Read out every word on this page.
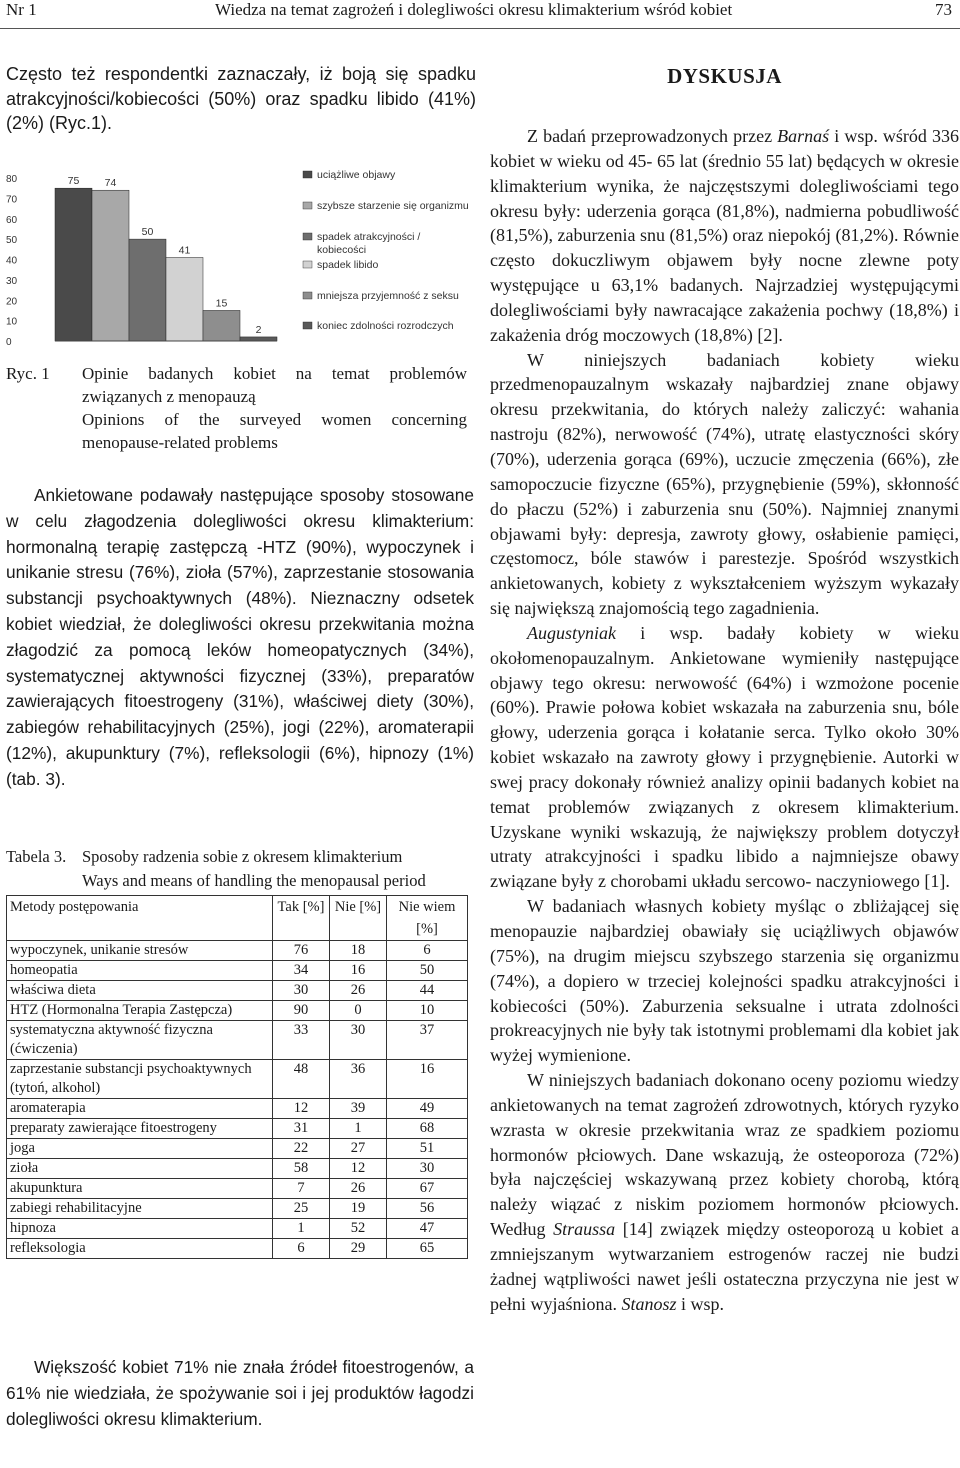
Nr 1	Wiedza na temat zagrożeń i dolegliwości okresu klimakterium wśród kobiet	73
Często też respondentki zaznaczały, iż boją się spadku atrakcyjności/kobiecości (50%) oraz spadku libido (41%) (2%) (Ryc.1).
0
10
20
30
40
50
60
70
80	75 74
50
41
15
2
uciążliwe objawy
szybsze starzenie się organizmu
spadek atrakcyjności /
kobiecości
spadek libido
mniejsza przyjemność z seksu
koniec zdolności rozrodczych
Ryc. 1 Opinie badanych kobiet na temat problemów związanych z menopauzą
Opinions of the surveyed women concerning menopause-related problems
Ankietowane podawały następujące sposoby stosowane w celu złagodzenia dolegliwości okresu klimakterium: hormonalną terapię zastępczą -HTZ (90%), wypoczynek i unikanie stresu (76%), zioła (57%), zaprzestanie stosowania substancji psychoaktywnych (48%). Nieznaczny odsetek kobiet wiedział, że dolegliwości okresu przekwitania można złagodzić za pomocą leków homeopatycznych (34%), systematycznej aktywności fizycznej (33%), preparatów zawierających fitoestrogeny (31%), właściwej diety (30%), zabiegów rehabilitacyjnych (25%), jogi (22%), aromaterapii (12%), akupunktury (7%), refleksologii (6%), hipnozy (1%) (tab. 3).
Tabela 3. Sposoby radzenia sobie z okresem klimakterium
Ways and means of handling the menopausal period
Metody postępowania	Tak [%]	Nie [%]	Nie wiem [%]
wypoczynek, unikanie stresów	76	18	6
homeopatia	34	16	50
właściwa dieta	30	26	44
HTZ (Hormonalna Terapia Zastępcza)	90	0	10
systematyczna aktywność fizyczna (ćwiczenia)	33	30	37
zaprzestanie substancji psychoaktywnych (tytoń, alkohol)	48	36	16
aromaterapia	12	39	49
preparaty zawierające fitoestrogeny	31	1	68
joga	22	27	51
zioła	58	12	30
akupunktura	7	26	67
zabiegi rehabilitacyjne	25	19	56
hipnoza	1	52	47
refleksologia	6	29	65
Większość kobiet 71% nie znała źródeł fitoestrogenów, a 61% nie wiedziała, że spożywanie soi i jej produktów łagodzi dolegliwości okresu klimakterium.
DYSKUSJA

Z badań przeprowadzonych przez Barnaś i wsp. wśród 336 kobiet w wieku od 45- 65 lat (średnio 55 lat) będących w okresie klimakterium wynika, że najczęstszymi dolegliwościami tego okresu były: uderzenia gorąca (81,8%), nadmierna pobudliwość (81,5%), zaburzenia snu (81,5%) oraz niepokój (81,2%). Równie często dokuczliwym objawem były nocne zlewne poty występujące u 63,1% badanych. Najrzadziej występującymi dolegliwościami były nawracające zakażenia pochwy (18,8%) i zakażenia dróg moczowych (18,8%) [2].

W niniejszych badaniach kobiety wieku przedmenopauzalnym wskazały najbardziej znane objawy okresu przekwitania, do których należy zaliczyć: wahania nastroju (82%), nerwowość (74%), utratę elastyczności skóry (70%), uderzenia gorąca (69%), uczucie zmęczenia (66%), złe samopoczucie fizyczne (65%), przygnębienie (59%), skłonność do płaczu (52%) i zaburzenia snu (50%). Najmniej znanymi objawami były: depresja, zawroty głowy, osłabienie pamięci, częstomocz, bóle stawów i parestezje. Spośród wszystkich ankietowanych, kobiety z wykształceniem wyższym wykazały się największą znajomością tego zagadnienia.

Augustyniak i wsp. badały kobiety w wieku okołomenopauzalnym. Ankietowane wymieniły następujące objawy tego okresu: nerwowość (64%) i wzmożone pocenie (60%). Prawie połowa kobiet wskazała na zaburzenia snu, bóle głowy, uderzenia gorąca i kołatanie serca. Tylko około 30% kobiet wskazało na zawroty głowy i przygnębienie. Autorki w swej pracy dokonały również analizy opinii badanych kobiet na temat problemów związanych z okresem klimakterium. Uzyskane wyniki wskazują, że największy problem dotyczył utraty atrakcyjności i spadku libido a najmniejsze obawy związane były z chorobami układu sercowo- naczyniowego [1].

W badaniach własnych kobiety myśląc o zbliżającej się menopauzie najbardziej obawiały się uciążliwych objawów (75%), na drugim miejscu szybszego starzenia się organizmu (74%), a dopiero w trzeciej kolejności spadku atrakcyjności i kobiecości (50%). Zaburzenia seksualne i utrata zdolności prokreacyjnych nie były tak istotnymi problemami dla kobiet jak wyżej wymienione.

W niniejszych badaniach dokonano oceny poziomu wiedzy ankietowanych na temat zagrożeń zdrowotnych, których ryzyko wzrasta w okresie przekwitania wraz ze spadkiem poziomu hormonów płciowych. Dane wskazują, że osteoporoza (72%) była najczęściej wskazywaną przez kobiety chorobą, którą należy wiązać z niskim poziomem hormonów płciowych. Według Straussa [14] związek między osteoporozą u kobiet a zmniejszanym wytwarzaniem estrogenów raczej nie budzi żadnej wątpliwości nawet jeśli ostateczna przyczyna nie jest w pełni wyjaśniona. Stanosz i wsp.
